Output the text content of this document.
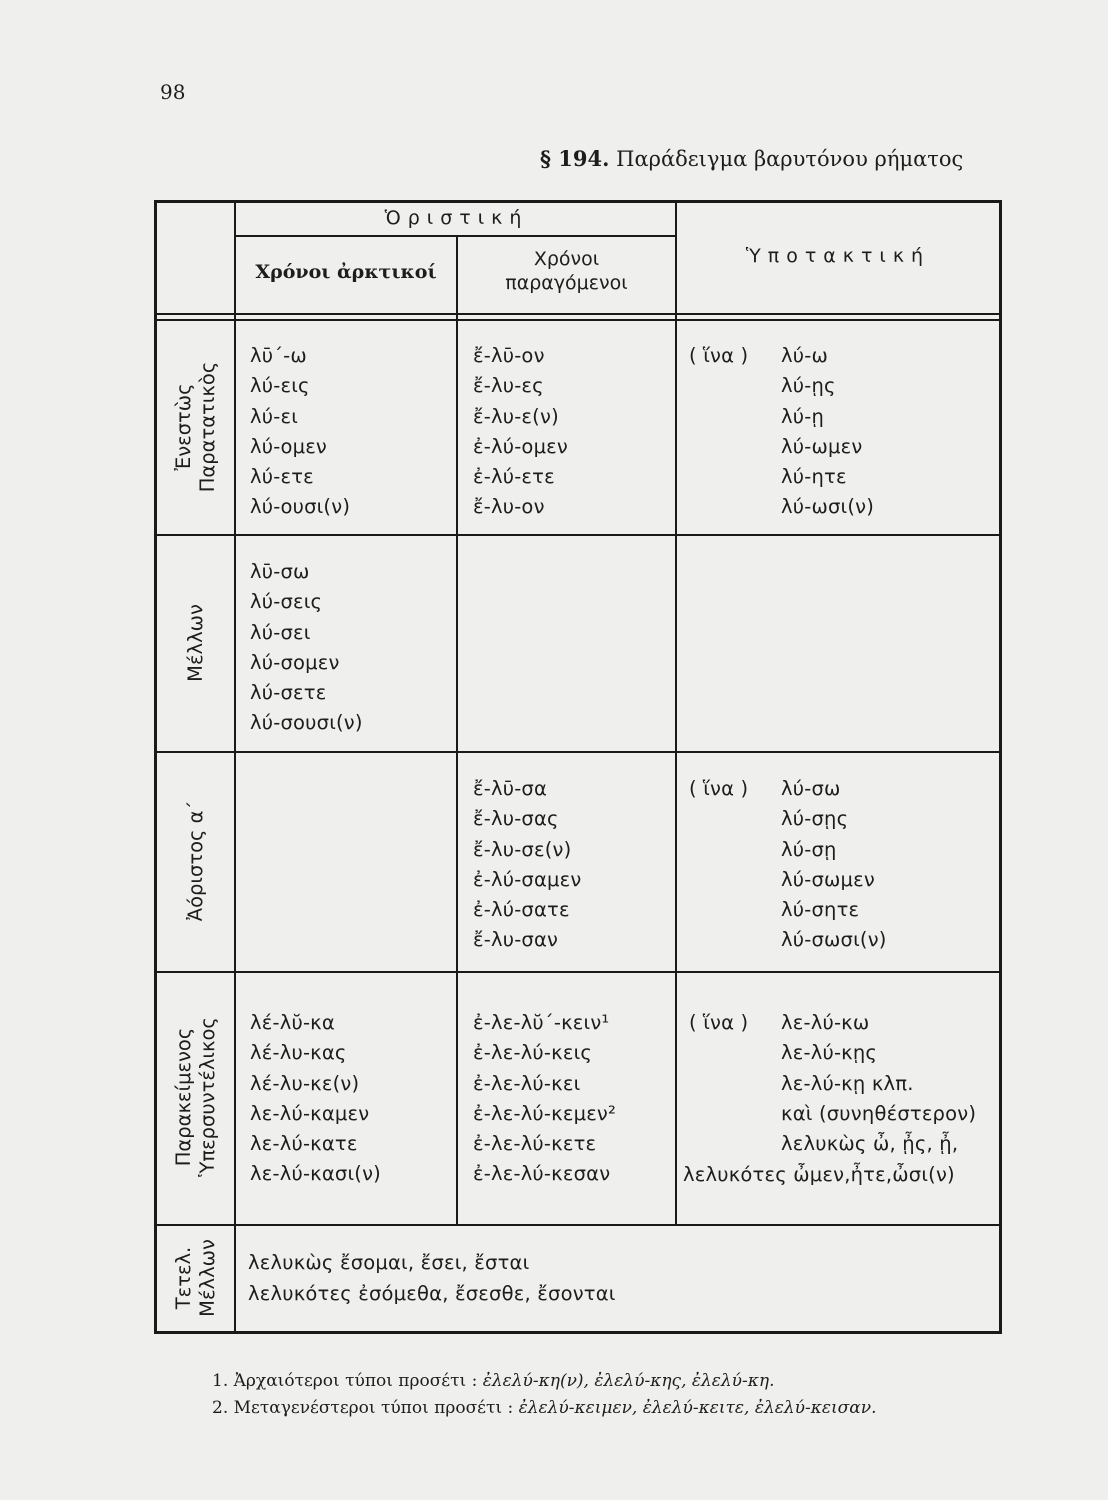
98
§ 194. Παράδειγμα βαρυτόνου ρήματος
Ὁριστική
Χρόνοι ἀρκτικοί
Χρόνοι
παραγόμενοι
Ὑποτακτική
Ἐνεστὼς
Παρατατικὸς
Μέλλων
Ἀόριστος α΄
Παρακείμενος
Ὑπερσυντέλικος
Τετελ.
Μέλλων
λῡ΄-ω
λύ-εις
λύ-ει
λύ-ομεν
λύ-ετε
λύ-ουσι(ν)
ἔ-λῡ-ον
ἔ-λυ-ες
ἔ-λυ-ε(ν)
ἐ-λύ-ομεν
ἐ-λύ-ετε
ἔ-λυ-ον
( ἵνα ) λύ-ω
λύ-ῃς
λύ-ῃ
λύ-ωμεν
λύ-ητε
λύ-ωσι(ν)
λῡ-σω
λύ-σεις
λύ-σει
λύ-σομεν
λύ-σετε
λύ-σουσι(ν)
ἔ-λῡ-σα
ἔ-λυ-σας
ἔ-λυ-σε(ν)
ἐ-λύ-σαμεν
ἐ-λύ-σατε
ἔ-λυ-σαν
( ἵνα ) λύ-σω
λύ-σῃς
λύ-σῃ
λύ-σωμεν
λύ-σητε
λύ-σωσι(ν)
λέ-λῠ-κα
λέ-λυ-κας
λέ-λυ-κε(ν)
λε-λύ-καμεν
λε-λύ-κατε
λε-λύ-κασι(ν)
ἐ-λε-λῠ΄-κειν¹
ἐ-λε-λύ-κεις
ἐ-λε-λύ-κει
ἐ-λε-λύ-κεμεν²
ἐ-λε-λύ-κετε
ἐ-λε-λύ-κεσαν
( ἵνα ) λε-λύ-κω
λε-λύ-κῃς
λε-λύ-κῃ κλπ.
καὶ (συνηθέστερον)
λελυκὼς ὦ, ᾖς, ᾖ,
λελυκότες ὦμεν,ἦτε,ὦσι(ν)
λελυκὼς ἔσομαι, ἔσει, ἔσται
λελυκότες ἐσόμεθα, ἔσεσθε, ἔσονται
1. Ἀρχαιότεροι τύποι προσέτι : ἐλελύ-κη(ν), ἐλελύ-κης, ἐλελύ-κη.
2. Μεταγενέστεροι τύποι προσέτι : ἐλελύ-κειμεν, ἐλελύ-κειτε, ἐλελύ-κεισαν.
